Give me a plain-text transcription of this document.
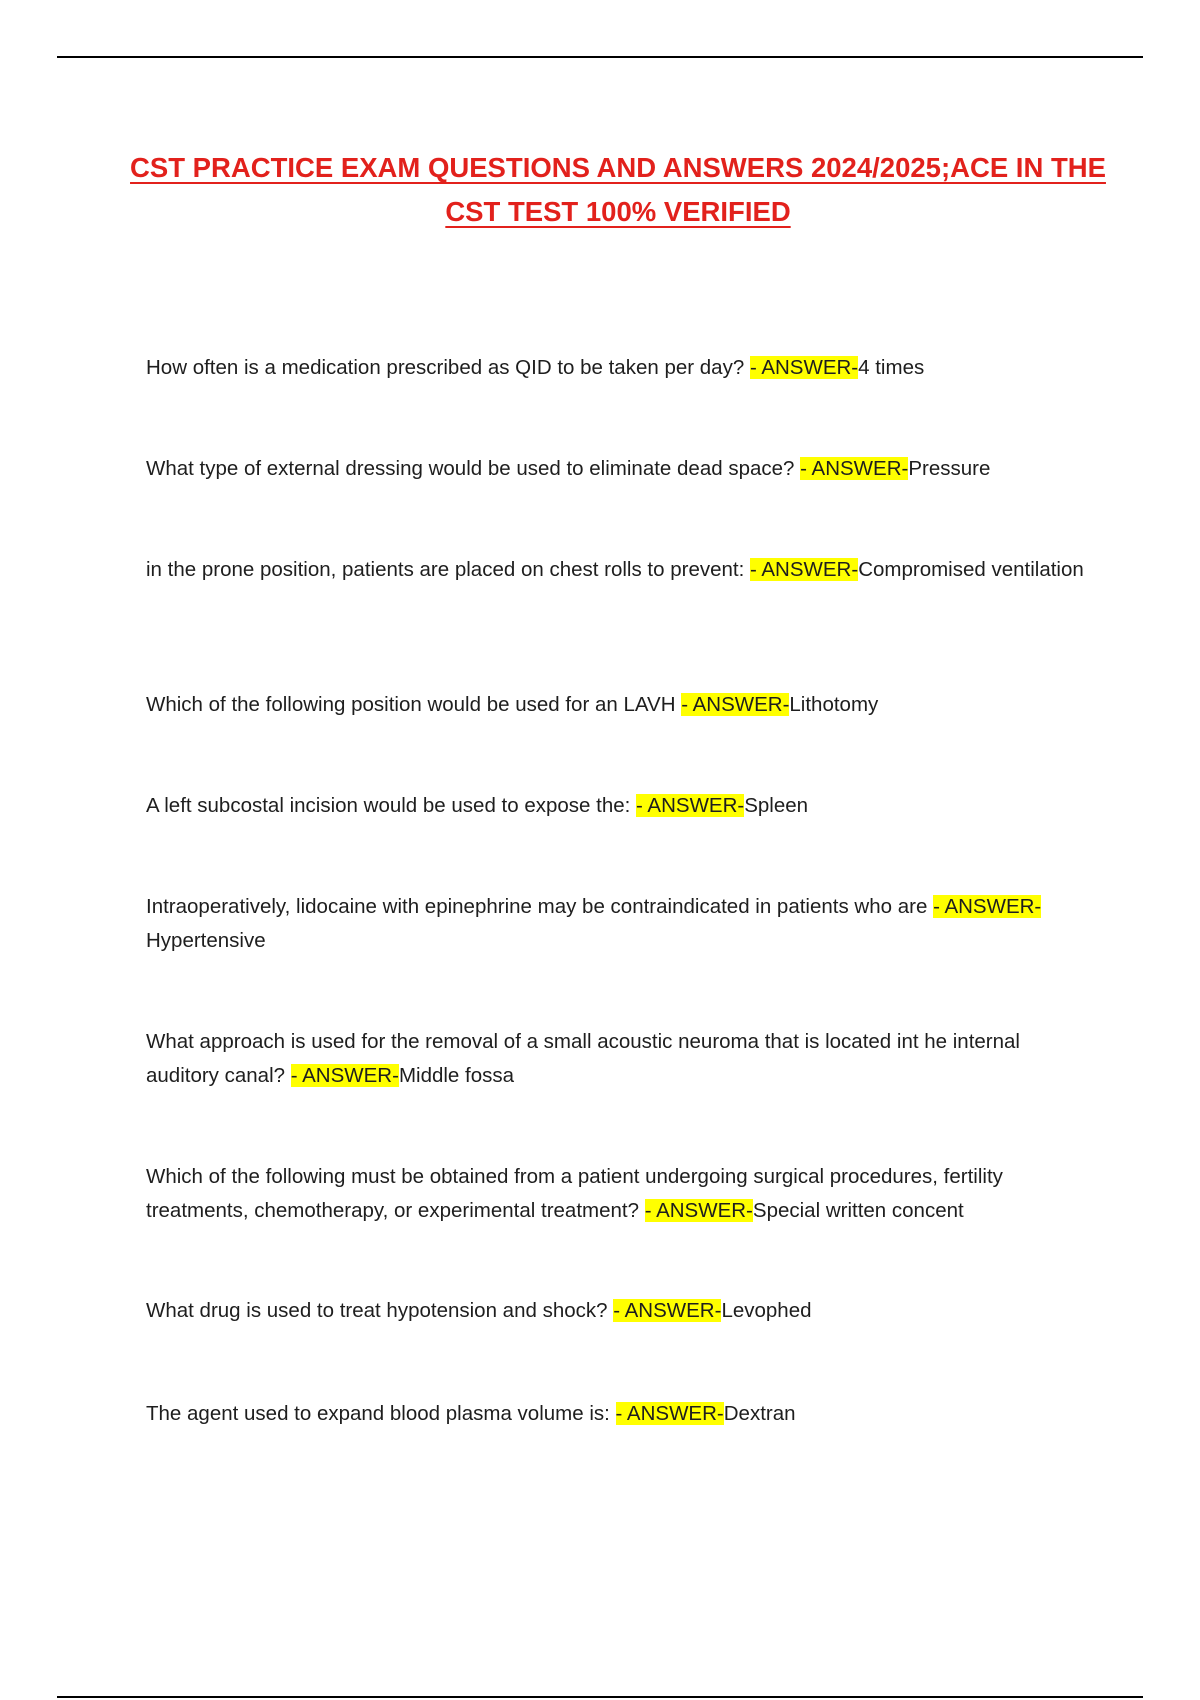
CST PRACTICE EXAM QUESTIONS AND ANSWERS 2024/2025;ACE IN THE CST TEST 100% VERIFIED

How often is a medication prescribed as QID to be taken per day? - ANSWER-4 times

What type of external dressing would be used to eliminate dead space? - ANSWER-Pressure

in the prone position, patients are placed on chest rolls to prevent: - ANSWER-Compromised ventilation

Which of the following position would be used for an LAVH - ANSWER-Lithotomy

A left subcostal incision would be used to expose the: - ANSWER-Spleen

Intraoperatively, lidocaine with epinephrine may be contraindicated in patients who are - ANSWER-Hypertensive

What approach is used for the removal of a small acoustic neuroma that is located int he internal auditory canal? - ANSWER-Middle fossa

Which of the following must be obtained from a patient undergoing surgical procedures, fertility treatments, chemotherapy, or experimental treatment? - ANSWER-Special written concent

What drug is used to treat hypotension and shock? - ANSWER-Levophed

The agent used to expand blood plasma volume is: - ANSWER-Dextran
